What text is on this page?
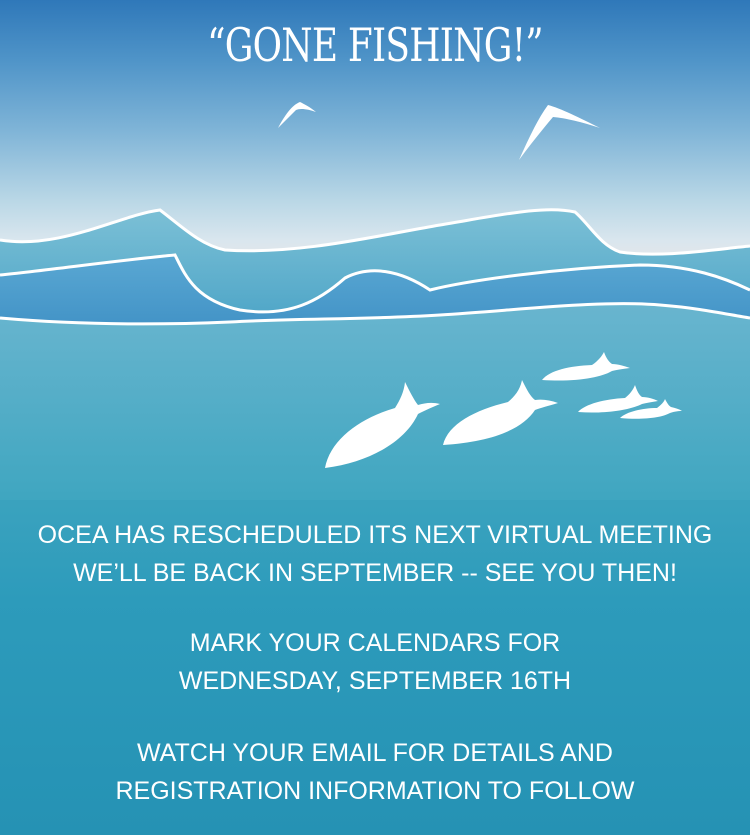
“GONE FISHING!”
OCEA HAS RESCHEDULED ITS NEXT VIRTUAL MEETING
WE’LL BE BACK IN SEPTEMBER -- SEE YOU THEN!
MARK YOUR CALENDARS FOR
WEDNESDAY, SEPTEMBER 16TH
WATCH YOUR EMAIL FOR DETAILS AND
REGISTRATION INFORMATION TO FOLLOW
